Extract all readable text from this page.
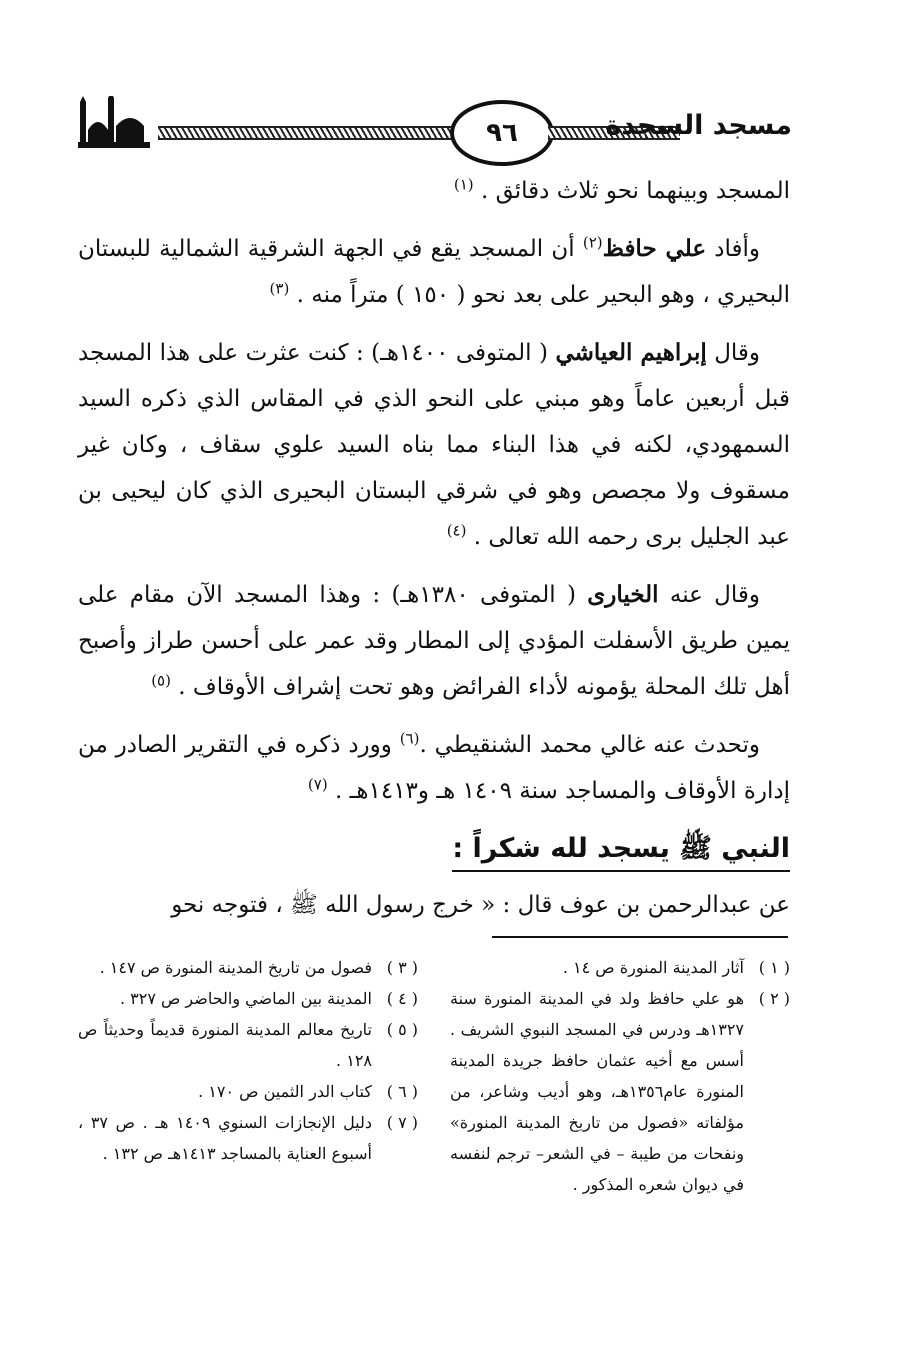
٩٦	مسجد السجدة

المسجد وبينهما نحو ثلاث دقائق . $^{(١)}$

وأفاد علي حافظ$^{(٢)}$ أن المسجد يقع في الجهة الشرقية الشمالية للبستان البحيري ، وهو البحير على بعد نحو ( ١٥٠ ) متراً منه . $^{(٣)}$

وقال إبراهيم العياشي ( المتوفى ١٤٠٠هـ) : كنت عثرت على هذا المسجد قبل أربعين عاماً وهو مبني على النحو الذي في المقاس الذي ذكره السيد السمهودي، لكنه في هذا البناء مما بناه السيد علوي سقاف ، وكان غير مسقوف ولا مجصص وهو في شرقي البستان البحيرى الذي كان ليحيى بن عبد الجليل برى رحمه الله تعالى . $^{(٤)}$

وقال عنه الخيارى ( المتوفى ١٣٨٠هـ) : وهذا المسجد الآن مقام على يمين طريق الأسفلت المؤدي إلى المطار وقد عمر على أحسن طراز وأصبح أهل تلك المحلة يؤمونه لأداء الفرائض وهو تحت إشراف الأوقاف . $^{(٥)}$

وتحدث عنه غالي محمد الشنقيطي .$^{(٦)}$ وورد ذكره في التقرير الصادر من إدارة الأوقاف والمساجد سنة ١٤٠٩ هـ و١٤١٣هـ . $^{(٧)}$

النبي ﷺ يسجد لله شكراً :

عن عبدالرحمن بن عوف قال : « خرج رسول الله ﷺ ، فتوجه نحو

( ١ )
آثار المدينة المنورة ص ١٤ .
( ٢ )
هو علي حافظ ولد في المدينة المنورة سنة ١٣٢٧هـ ودرس في المسجد النبوي الشريف . أسس مع أخيه عثمان حافظ جريدة المدينة المنورة عام١٣٥٦هـ، وهو أديب وشاعر، من مؤلفاته «فصول من تاريخ المدينة المنورة» ونفحات من طيبة – في الشعر– ترجم لنفسه في ديوان شعره المذكور .
( ٣ )
فصول من تاريخ المدينة المنورة ص ١٤٧ .
( ٤ )
المدينة بين الماضي والحاضر ص ٣٢٧ .
( ٥ )
تاريخ معالم المدينة المنورة قديماً وحديثاً ص ١٢٨ .
( ٦ )
كتاب الدر الثمين ص ١٧٠ .
( ٧ )
دليل الإنجازات السنوي ١٤٠٩ هـ . ص ٣٧ ، أسبوع العناية بالمساجد ١٤١٣هـ ص ١٣٢ .
